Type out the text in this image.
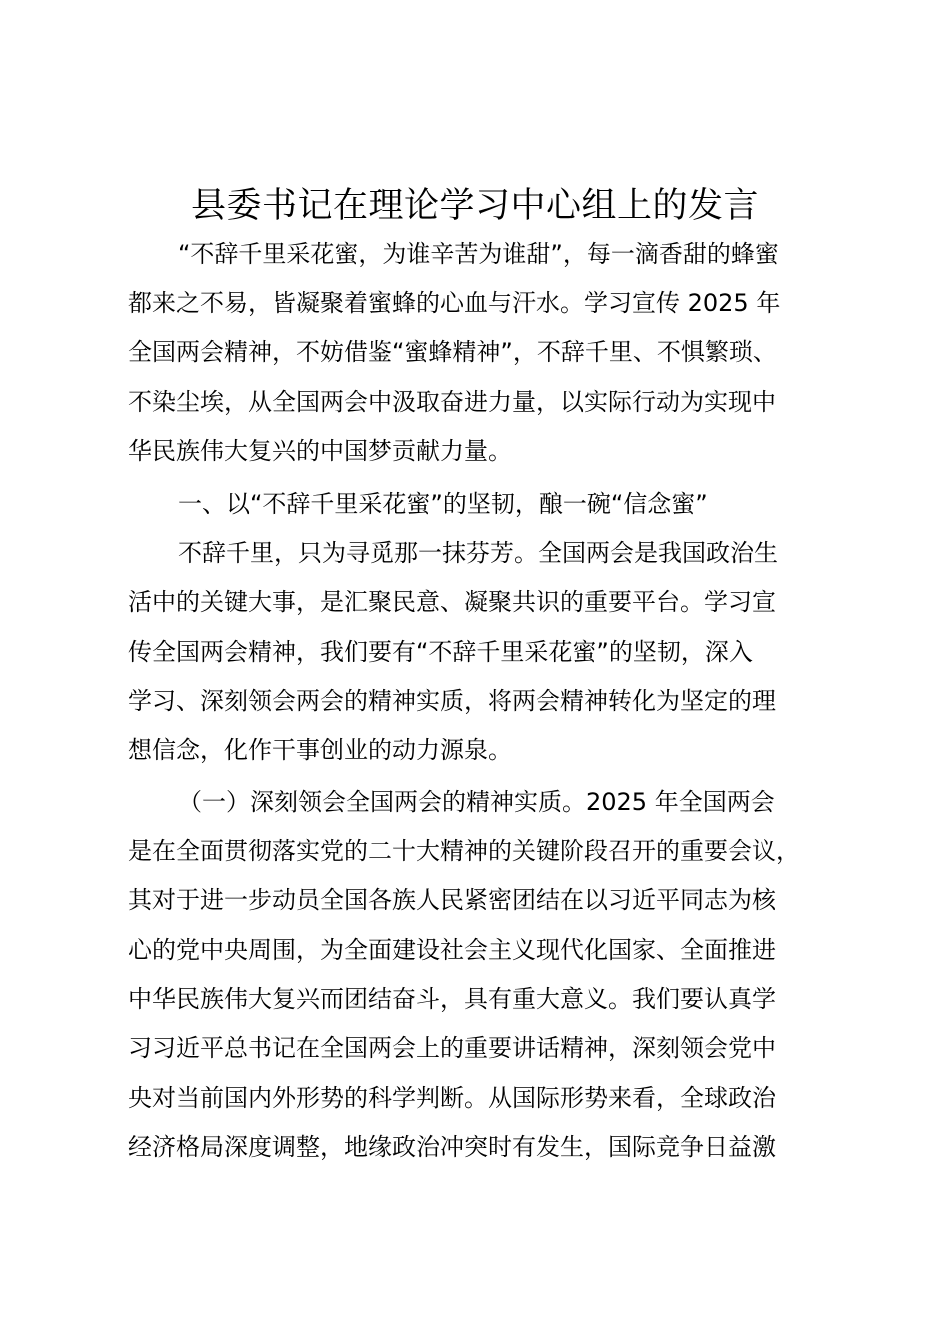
县委书记在理论学习中心组上的发言
“不辞千里采花蜜，为谁辛苦为谁甜”，每一滴香甜的蜂蜜
都来之不易，皆凝聚着蜜蜂的心血与汗水。学习宣传 2025 年
全国两会精神，不妨借鉴“蜜蜂精神”，不辞千里、不惧繁琐、
不染尘埃，从全国两会中汲取奋进力量，以实际行动为实现中
华民族伟大复兴的中国梦贡献力量。
一、以“不辞千里采花蜜”的坚韧，酿一碗“信念蜜”
不辞千里，只为寻觅那一抹芬芳。全国两会是我国政治生
活中的关键大事，是汇聚民意、凝聚共识的重要平台。学习宣
传全国两会精神，我们要有“不辞千里采花蜜”的坚韧，深入
学习、深刻领会两会的精神实质，将两会精神转化为坚定的理
想信念，化作干事创业的动力源泉。
（一）深刻领会全国两会的精神实质。2025 年全国两会
是在全面贯彻落实党的二十大精神的关键阶段召开的重要会议，
其对于进一步动员全国各族人民紧密团结在以习近平同志为核
心的党中央周围，为全面建设社会主义现代化国家、全面推进
中华民族伟大复兴而团结奋斗，具有重大意义。我们要认真学
习习近平总书记在全国两会上的重要讲话精神，深刻领会党中
央对当前国内外形势的科学判断。从国际形势来看，全球政治
经济格局深度调整，地缘政治冲突时有发生，国际竞争日益激
